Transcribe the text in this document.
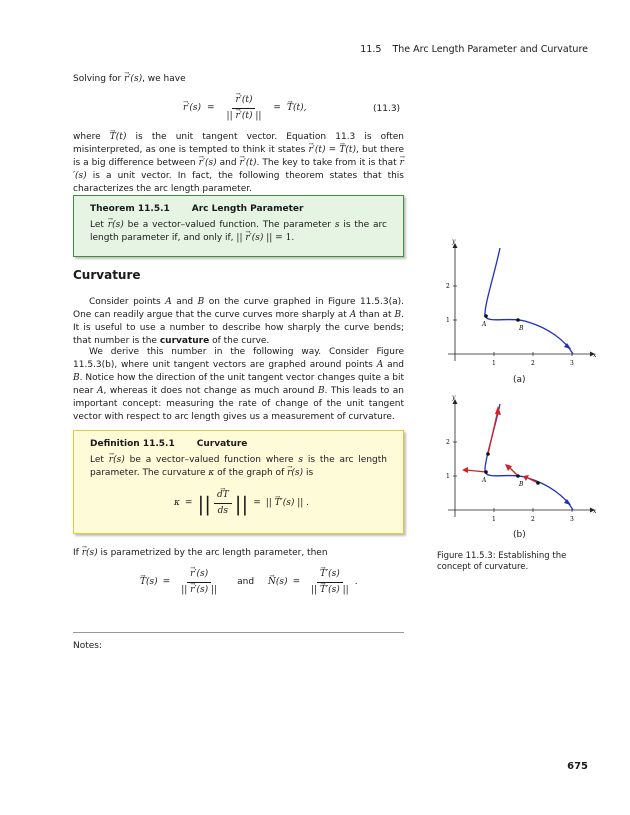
11.5 The Arc Length Parameter and Curvature
Solving for → r′(s), we have
→ r′(s) = → $\frac{r'(t)}{|| \to r'(t) ||}$ = → T(t),	(11.3)
where → T(t) is the unit tangent vector. Equation 11.3 is often misinterpreted, as one is tempted to think it states → r′(t) = → T(t), but there is a big difference between → r′(s) and → r′(t). The key to take from it is that → r′(s) is a unit vector. In fact, the following theorem states that this characterizes the arc length parameter.
Theorem 11.5.1 Arc Length Parameter
Let → r(s) be a vector–valued function. The parameter s is the arc length parameter if, and only if, || → r′(s) || = 1.
Curvature
Consider points A and B on the curve graphed in Figure 11.5.3(a). One can readily argue that the curve curves more sharply at A than at B. It is useful to use a number to describe how sharply the curve bends; that number is the curvature of the curve.
We derive this number in the following way. Consider Figure 11.5.3(b), where unit tangent vectors are graphed around points A and B. Notice how the direction of the unit tangent vector changes quite a bit near A, whereas it does not change as much around B. This leads to an important concept: measuring the rate of change of the unit tangent vector with respect to arc length gives us a measurement of curvature.
Definition 11.5.1 Curvature
Let → r(s) be a vector–valued function where s is the arc length parameter. The curvature κ of the graph of → r(s) is
κ = || → $\frac{dT}{ds}$ || = || → T′(s) || .
If → r(s) is parametrized by the arc length parameter, then
→ T(s) = → $\frac{r'(s)}{|| \to r'(s) ||}$ and → N(s) = → $\frac{T'(s)}{|| \to T'(s) ||}$ .
x
y
1	2	3
1
2
A
B
(a)
x
y
1	2	3
1
2
A
B
(b)
Figure 11.5.3: Establishing the concept of curvature.
Notes:
675
